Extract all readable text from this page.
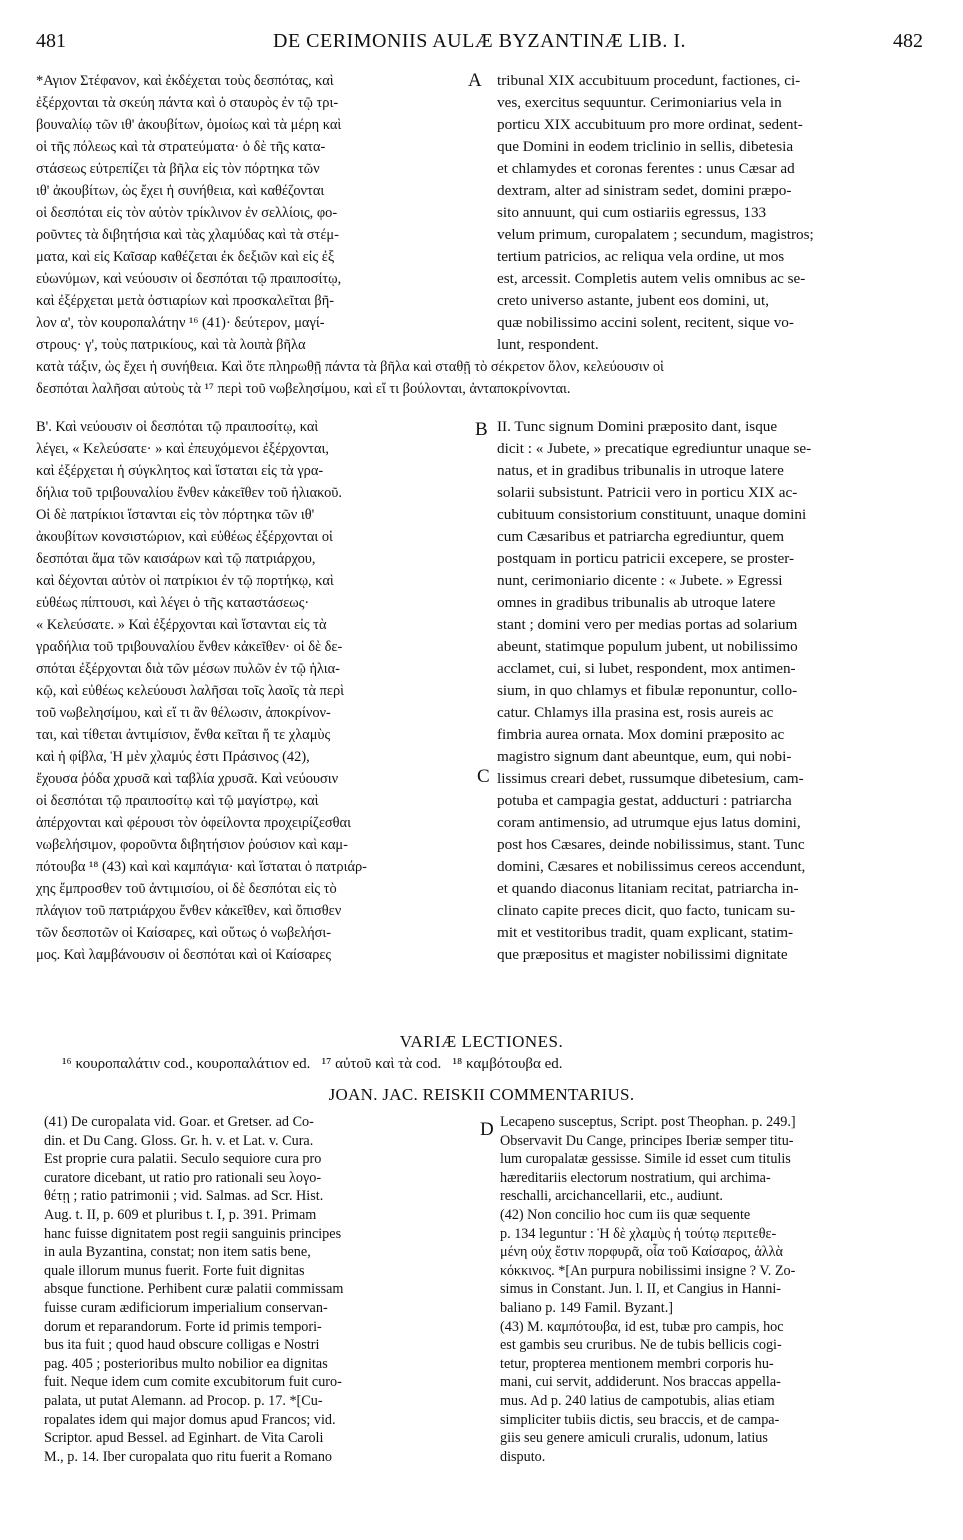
481	DE CERIMONIIS AULÆ BYZANTINÆ LIB. I.	482
A
B
C
D
*Αγιον Στέφανον, καὶ ἐκδέχεται τοὺς δεσπότας, καὶ
ἐξέρχονται τὰ σκεύη πάντα καὶ ὁ σταυρὸς ἐν τῷ τρι-
βουναλίῳ τῶν ιθ' ἀκουβίτων, ὁμοίως καὶ τὰ μέρη καὶ
οἱ τῆς πόλεως καὶ τὰ στρατεύματα· ὁ δὲ τῆς κατα-
στάσεως εὐτρεπίζει τὰ βῆλα εἰς τὸν πόρτηκα τῶν
ιθ' ἀκουβίτων, ὡς ἔχει ἡ συνήθεια, καὶ καθέζονται
οἱ δεσπόται εἰς τὸν αὐτὸν τρίκλινον ἐν σελλίοις, φο-
ροῦντες τὰ διβητήσια καὶ τὰς χλαμύδας καὶ τὰ στέμ-
ματα, καὶ εἰς Καῖσαρ καθέζεται ἐκ δεξιῶν καὶ εἰς ἐξ
εὐωνύμων, καὶ νεύουσιν οἱ δεσπόται τῷ πραιποσίτῳ,
καὶ ἐξέρχεται μετὰ ὀστιαρίων καὶ προσκαλεῖται βῆ-
λον α', τὸν κουροπαλάτην ¹⁶ (41)· δεύτερον, μαγί-
στρους· γ', τοὺς πατρικίους, καὶ τὰ λοιπὰ βῆλα
tribunal XIX accubituum procedunt, factiones, ci-
ves, exercitus sequuntur. Cerimoniarius vela in
porticu XIX accubituum pro more ordinat, sedent-
que Domini in eodem triclinio in sellis, dibetesia
et chlamydes et coronas ferentes : unus Cæsar ad
dextram, alter ad sinistram sedet, domini præpo-
sito annuunt, qui cum ostiariis egressus, 133
velum primum, curopalatem ; secundum, magistros;
tertium patricios, ac reliqua vela ordine, ut mos
est, arcessit. Completis autem velis omnibus ac se-
creto universo astante, jubent eos domini, ut,
quæ nobilissimo accini solent, recitent, sique vo-
lunt, respondent.
κατὰ τάξιν, ὡς ἔχει ἡ συνήθεια. Καὶ ὅτε πληρωθῇ πάντα τὰ βῆλα καὶ σταθῇ τὸ σέκρετον ὅλον, κελεύουσιν οἱ
δεσπόται λαλῆσαι αὐτοὺς τὰ ¹⁷ περὶ τοῦ νωβελησίμου, καὶ εἴ τι βούλονται, ἀνταποκρίνονται.
Β'. Καὶ νεύουσιν οἱ δεσπόται τῷ πραιποσίτῳ, καὶ
λέγει, « Κελεύσατε· » καὶ ἐπευχόμενοι ἐξέρχονται,
καὶ ἐξέρχεται ἡ σύγκλητος καὶ ἵσταται εἰς τὰ γρα-
δήλια τοῦ τριβουναλίου ἔνθεν κἀκεῖθεν τοῦ ἡλιακοῦ.
Οἱ δὲ πατρίκιοι ἵστανται εἰς τὸν πόρτηκα τῶν ιθ'
ἀκουβίτων κονσιστώριον, καὶ εὐθέως ἐξέρχονται οἱ
δεσπόται ἅμα τῶν καισάρων καὶ τῷ πατριάρχου,
καὶ δέχονται αὐτὸν οἱ πατρίκιοι ἐν τῷ πορτήκῳ, καὶ
εὐθέως πίπτουσι, καὶ λέγει ὁ τῆς καταστάσεως·
« Κελεύσατε. » Καὶ ἐξέρχονται καὶ ἵστανται εἰς τὰ
γραδήλια τοῦ τριβουναλίου ἔνθεν κἀκεῖθεν· οἱ δὲ δε-
σπόται ἐξέρχονται διὰ τῶν μέσων πυλῶν ἐν τῷ ἡλια-
κῷ, καὶ εὐθέως κελεύουσι λαλῆσαι τοῖς λαοῖς τὰ περὶ
τοῦ νωβελησίμου, καὶ εἴ τι ἂν θέλωσιν, ἀποκρίνον-
ται, καὶ τίθεται ἀντιμίσιον, ἔνθα κεῖται ἥ τε χλαμὺς
καὶ ἡ φίβλα, Ἡ μὲν χλαμύς ἐστι Πράσινος (42),
ἔχουσα ῥόδα χρυσᾶ καὶ ταβλία χρυσᾶ. Καὶ νεύουσιν
οἱ δεσπόται τῷ πραιποσίτῳ καὶ τῷ μαγίστρῳ, καὶ
ἀπέρχονται καὶ φέρουσι τὸν ὀφείλοντα προχειρίζεσθαι
νωβελήσιμον, φοροῦντα διβητήσιον ῥούσιον καὶ καμ-
πότουβα ¹⁸ (43) καὶ καὶ καμπάγια· καὶ ἵσταται ὁ πατριάρ-
χης ἔμπροσθεν τοῦ ἀντιμισίου, οἱ δὲ δεσπόται εἰς τὸ
πλάγιον τοῦ πατριάρχου ἔνθεν κἀκεῖθεν, καὶ ὄπισθεν
τῶν δεσποτῶν οἱ Καίσαρες, καὶ οὕτως ὁ νωβελήσι-
μος. Καὶ λαμβάνουσιν οἱ δεσπόται καὶ οἱ Καίσαρες
II. Tunc signum Domini præposito dant, isque
dicit : « Jubete, » precatique egrediuntur unaque se-
natus, et in gradibus tribunalis in utroque latere
solarii subsistunt. Patricii vero in porticu XIX ac-
cubituum consistorium constituunt, unaque domini
cum Cæsaribus et patriarcha egrediuntur, quem
postquam in porticu patricii excepere, se proster-
nunt, cerimoniario dicente : « Jubete. » Egressi
omnes in gradibus tribunalis ab utroque latere
stant ; domini vero per medias portas ad solarium
abeunt, statimque populum jubent, ut nobilissimo
acclamet, cui, si lubet, respondent, mox antimen-
sium, in quo chlamys et fibulæ reponuntur, collo-
catur. Chlamys illa prasina est, rosis aureis ac
fimbria aurea ornata. Mox domini præposito ac
magistro signum dant abeuntque, eum, qui nobi-
lissimus creari debet, russumque dibetesium, cam-
potuba et campagia gestat, adducturi : patriarcha
coram antimensio, ad utrumque ejus latus domini,
post hos Cæsares, deinde nobilissimus, stant. Tunc
domini, Cæsares et nobilissimus cereos accendunt,
et quando diaconus litaniam recitat, patriarcha in-
clinato capite preces dicit, quo facto, tunicam su-
mit et vestitoribus tradit, quam explicant, statim-
que præpositus et magister nobilissimi dignitate
VARIÆ LECTIONES.
¹⁶ κουροπαλάτιν cod., κουροπαλάτιον ed.   ¹⁷ αὐτοῦ καὶ τὰ cod.   ¹⁸ καμβότουβα ed.
JOAN. JAC. REISKII COMMENTARIUS.
(41) De curopalata vid. Goar. et Gretser. ad Co-
din. et Du Cang. Gloss. Gr. h. v. et Lat. v. Cura.
Est proprie cura palatii. Seculo sequiore cura pro
curatore dicebant, ut ratio pro rationali seu λογο-
θέτῃ ; ratio patrimonii ; vid. Salmas. ad Scr. Hist.
Aug. t. II, p. 609 et pluribus t. I, p. 391. Primam
hanc fuisse dignitatem post regii sanguinis principes
in aula Byzantina, constat; non item satis bene,
quale illorum munus fuerit. Forte fuit dignitas
absque functione. Perhibent curæ palatii commissam
fuisse curam ædificiorum imperialium conservan-
dorum et reparandorum. Forte id primis tempori-
bus ita fuit ; quod haud obscure colligas e Nostri
pag. 405 ; posterioribus multo nobilior ea dignitas
fuit. Neque idem cum comite excubitorum fuit curo-
palata, ut putat Alemann. ad Procop. p. 17. *[Cu-
ropalates idem qui major domus apud Francos; vid.
Scriptor. apud Bessel. ad Eginhart. de Vita Caroli
M., p. 14. Iber curopalata quo ritu fuerit a Romano
Lecapeno susceptus, Script. post Theophan. p. 249.]
Observavit Du Cange, principes Iberiæ semper titu-
lum curopalatæ gessisse. Simile id esset cum titulis
hæreditariis electorum nostratium, qui archima-
reschalli, arcichancellarii, etc., audiunt.
(42) Non concilio hoc cum iis quæ sequente
p. 134 leguntur : Ἡ δὲ χλαμὺς ἡ τούτῳ περιτεθε-
μένη οὐχ ἔστιν πορφυρᾶ, οἷα τοῦ Καίσαρος, ἀλλὰ
κόκκινος. *[An purpura nobilissimi insigne ? V. Zo-
simus in Constant. Jun. l. II, et Cangius in Hanni-
baliano p. 149 Famil. Byzant.]
(43) M. καμπότουβα, id est, tubæ pro campis, hoc
est gambis seu cruribus. Ne de tubis bellicis cogi-
tetur, propterea mentionem membri corporis hu-
mani, cui servit, addiderunt. Nos braccas appella-
mus. Ad p. 240 latius de campotubis, alias etiam
simpliciter tubiis dictis, seu braccis, et de campa-
giis seu genere amiculi cruralis, udonum, latius
disputo.
